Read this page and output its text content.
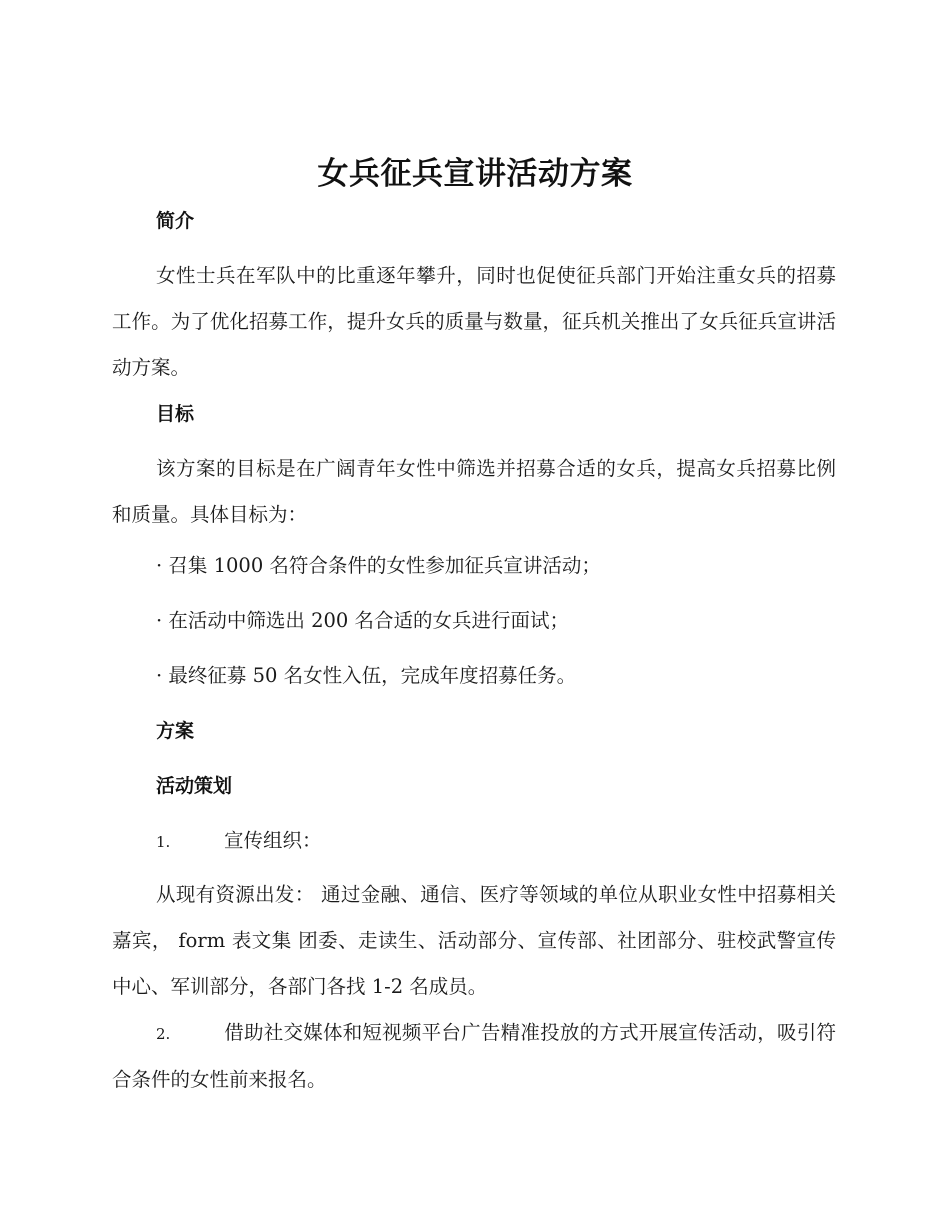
女兵征兵宣讲活动方案
简介

女性士兵在军队中的比重逐年攀升，同时也促使征兵部门开始注重女兵的招募工作。为了优化招募工作，提升女兵的质量与数量，征兵机关推出了女兵征兵宣讲活动方案。

目标

该方案的目标是在广阔青年女性中筛选并招募合适的女兵，提高女兵招募比例和质量。具体目标为：

· 召集 1000 名符合条件的女性参加征兵宣讲活动；

· 在活动中筛选出 200 名合适的女兵进行面试；

· 最终征募 50 名女性入伍，完成年度招募任务。

方案
活动策划

1.	宣传组织：

从现有资源出发： 通过金融、通信、医疗等领域的单位从职业女性中招募相关嘉宾， form 表文集 团委、走读生、活动部分、宣传部、社团部分、驻校武警宣传中心、军训部分，各部门各找 1-2 名成员。

2.	借助社交媒体和短视频平台广告精准投放的方式开展宣传活动，吸引符合条件的女性前来报名。
